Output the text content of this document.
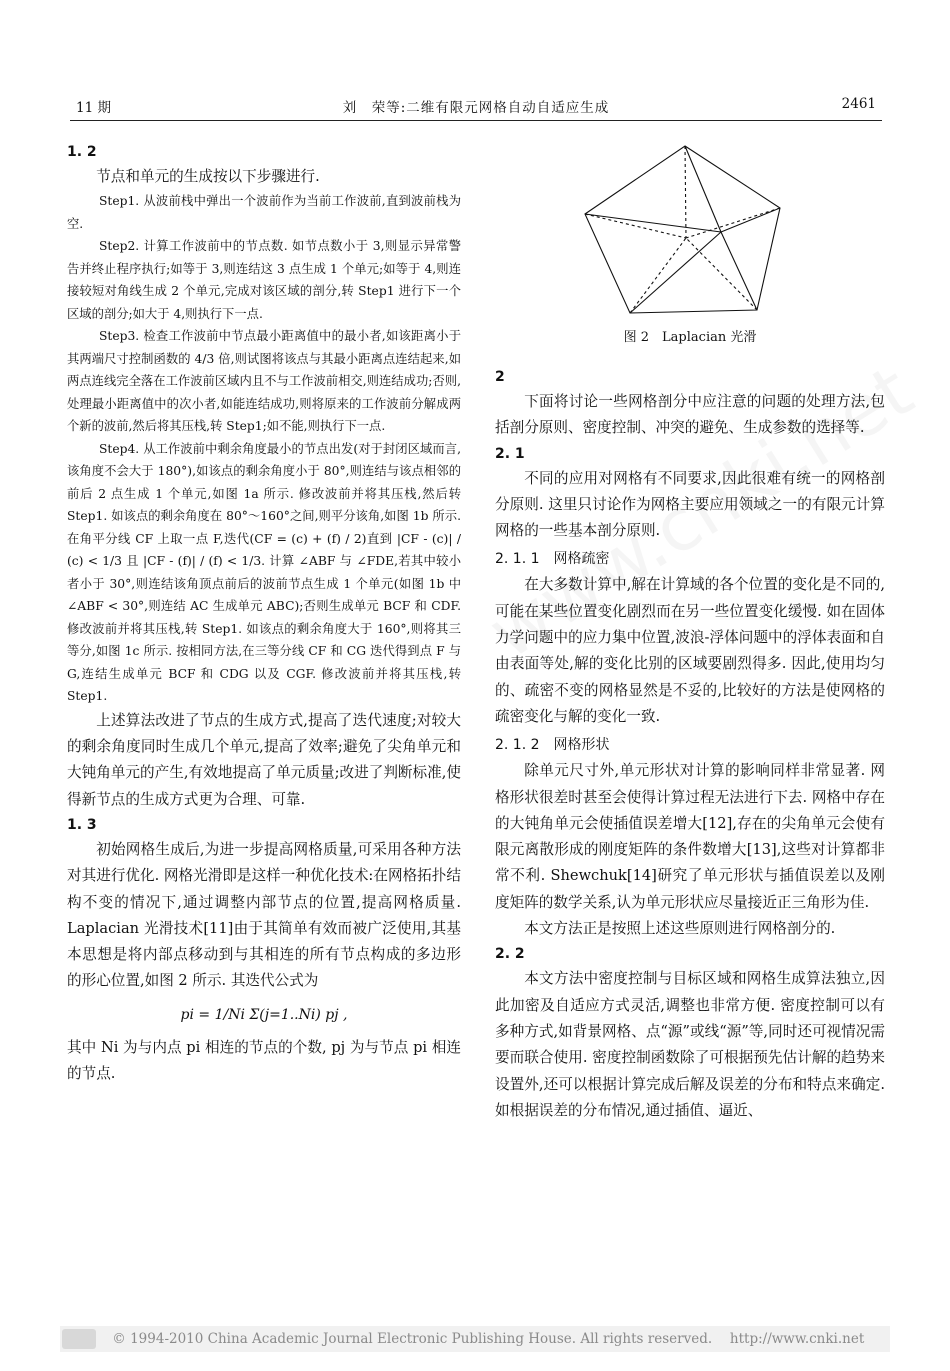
11 期	刘　荣等:二维有限元网格自动自适应生成	2461
1. 2

节点和单元的生成按以下步骤进行.

Step1. 从波前栈中弹出一个波前作为当前工作波前,直到波前栈为空.

Step2. 计算工作波前中的节点数. 如节点数小于 3,则显示异常警告并终止程序执行;如等于 3,则连结这 3 点生成 1 个单元;如等于 4,则连接较短对角线生成 2 个单元,完成对该区域的剖分,转 Step1 进行下一个区域的剖分;如大于 4,则执行下一点.

Step3. 检查工作波前中节点最小距离值中的最小者,如该距离小于其两端尺寸控制函数的 4/3 倍,则试图将该点与其最小距离点连结起来,如两点连线完全落在工作波前区域内且不与工作波前相交,则连结成功;否则,处理最小距离值中的次小者,如能连结成功,则将原来的工作波前分解成两个新的波前,然后将其压栈,转 Step1;如不能,则执行下一点.

Step4. 从工作波前中剩余角度最小的节点出发(对于封闭区域而言,该角度不会大于 180°),如该点的剩余角度小于 80°,则连结与该点相邻的前后 2 点生成 1 个单元,如图 1a 所示. 修改波前并将其压栈,然后转 Step1. 如该点的剩余角度在 80°～160°之间,则平分该角,如图 1b 所示. 在角平分线 CF 上取一点 F,迭代(CF = (c) + (f) / 2)直到 |CF - (c)| / (c) < 1/3 且 |CF - (f)| / (f) < 1/3. 计算 ∠ABF 与 ∠FDE,若其中较小者小于 30°,则连结该角顶点前后的波前节点生成 1 个单元(如图 1b 中 ∠ABF < 30°,则连结 AC 生成单元 ABC);否则生成单元 BCF 和 CDF. 修改波前并将其压栈,转 Step1. 如该点的剩余角度大于 160°,则将其三等分,如图 1c 所示. 按相同方法,在三等分线 CF 和 CG 迭代得到点 F 与 G,连结生成单元 BCF 和 CDG 以及 CGF. 修改波前并将其压栈,转 Step1.

上述算法改进了节点的生成方式,提高了迭代速度;对较大的剩余角度同时生成几个单元,提高了效率;避免了尖角单元和大钝角单元的产生,有效地提高了单元质量;改进了判断标准,使得新节点的生成方式更为合理、可靠.

1. 3

初始网格生成后,为进一步提高网格质量,可采用各种方法对其进行优化. 网格光滑即是这样一种优化技术:在网格拓扑结构不变的情况下,通过调整内部节点的位置,提高网格质量. Laplacian 光滑技术[11]由于其简单有效而被广泛使用,其基本思想是将内部点移动到与其相连的所有节点构成的多边形的形心位置,如图 2 所示. 其迭代公式为

pi = 1/Ni Σ(j=1..Ni) pj ,

其中 Ni 为与内点 pi 相连的节点的个数, pj 为与节点 pi 相连的节点.

图 2　Laplacian 光滑
2

下面将讨论一些网格剖分中应注意的问题的处理方法,包括剖分原则、密度控制、冲突的避免、生成参数的选择等.

2. 1

不同的应用对网格有不同要求,因此很难有统一的网格剖分原则. 这里只讨论作为网格主要应用领域之一的有限元计算网格的一些基本剖分原则.

2. 1. 1　网格疏密

在大多数计算中,解在计算域的各个位置的变化是不同的,可能在某些位置变化剧烈而在另一些位置变化缓慢. 如在固体力学问题中的应力集中位置,波浪-浮体问题中的浮体表面和自由表面等处,解的变化比别的区域要剧烈得多. 因此,使用均匀的、疏密不变的网格显然是不妥的,比较好的方法是使网格的疏密变化与解的变化一致.

2. 1. 2　网格形状

除单元尺寸外,单元形状对计算的影响同样非常显著. 网格形状很差时甚至会使得计算过程无法进行下去. 网格中存在的大钝角单元会使插值误差增大[12],存在的尖角单元会使有限元离散形成的刚度矩阵的条件数增大[13],这些对计算都非常不利. Shewchuk[14]研究了单元形状与插值误差以及刚度矩阵的数学关系,认为单元形状应尽量接近正三角形为佳.

本文方法正是按照上述这些原则进行网格剖分的.

2. 2

本文方法中密度控制与目标区域和网格生成算法独立,因此加密及自适应方式灵活,调整也非常方便. 密度控制可以有多种方式,如背景网格、点“源”或线“源”等,同时还可视情况需要而联合使用. 密度控制函数除了可根据预先估计解的趋势来设置外,还可以根据计算完成后解及误差的分布和特点来确定. 如根据误差的分布情况,通过插值、逼近、

© 1994-2010 China Academic Journal Electronic Publishing House. All rights reserved.　 http://www.cnki.net
